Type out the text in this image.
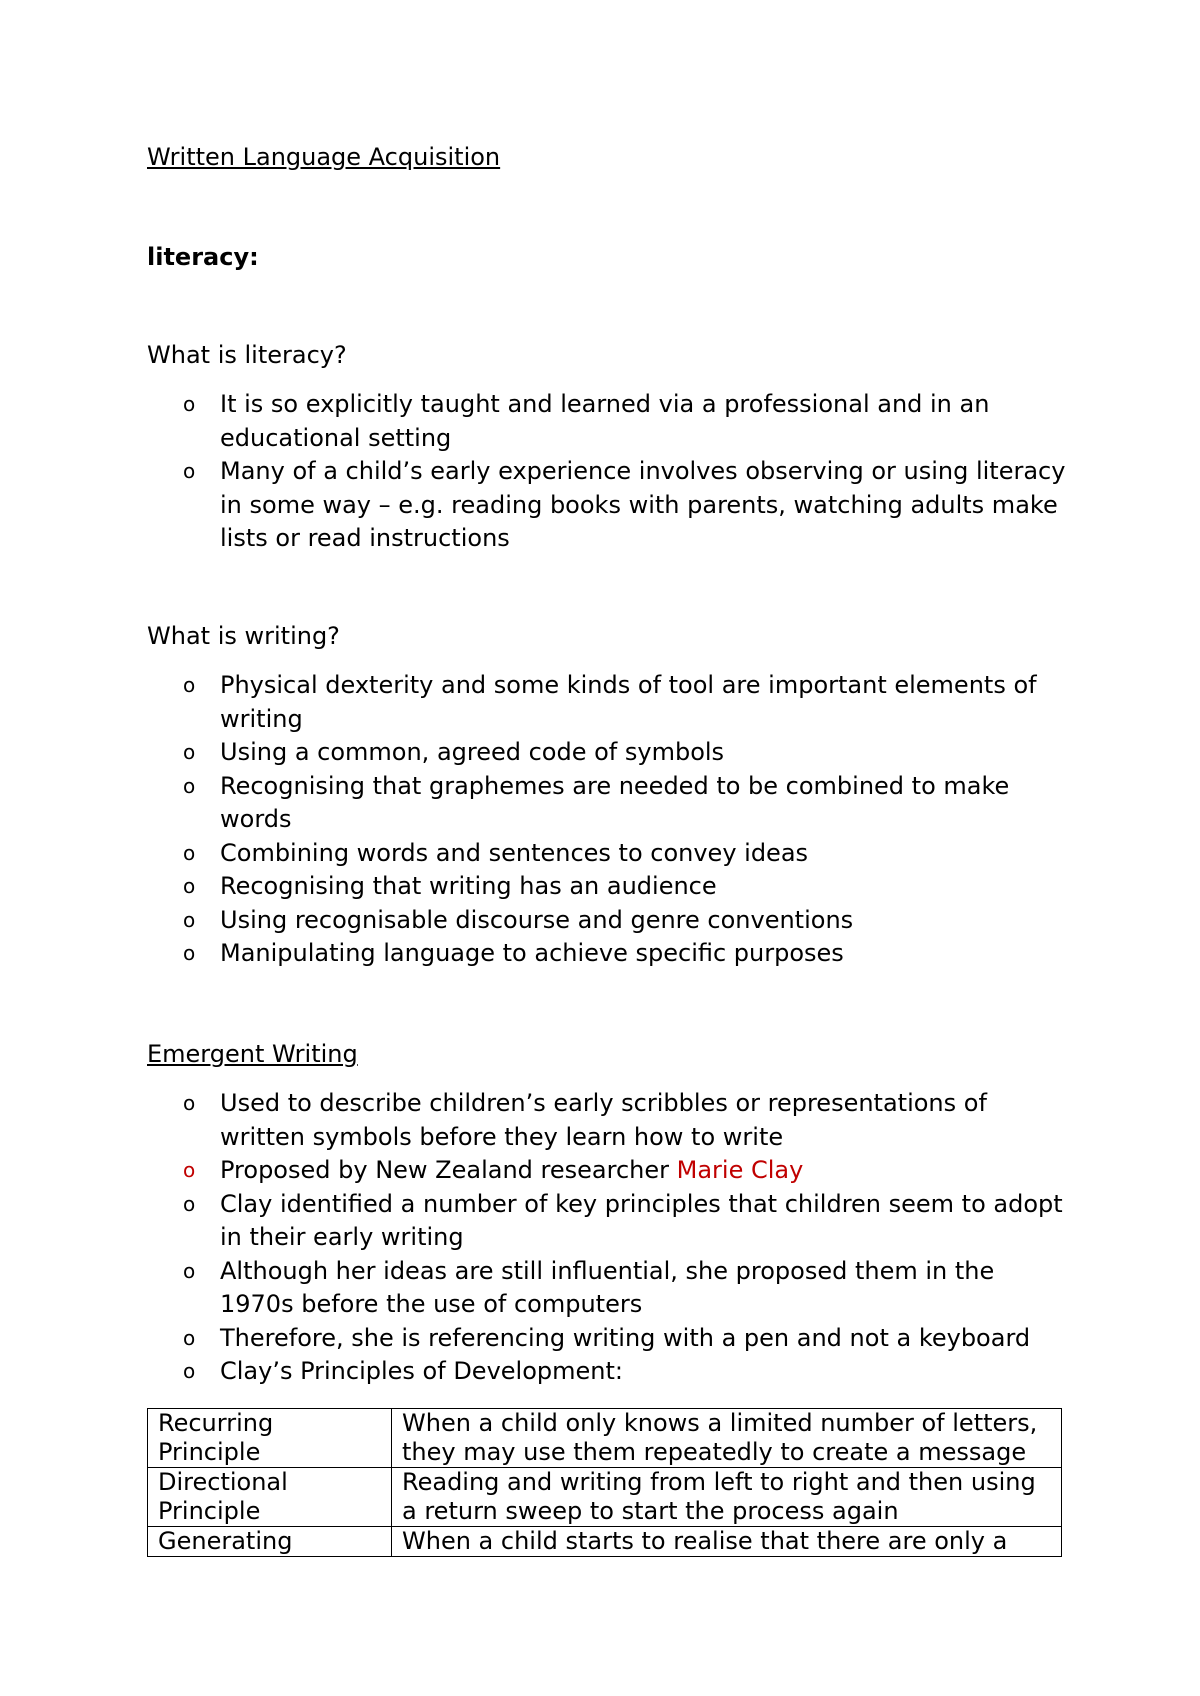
Written Language Acquisition

literacy:

What is literacy?

o It is so explicitly taught and learned via a professional and in an educational setting
o Many of a child’s early experience involves observing or using literacy in some way – e.g. reading books with parents, watching adults make lists or read instructions

What is writing?

o Physical dexterity and some kinds of tool are important elements of writing
o Using a common, agreed code of symbols
o Recognising that graphemes are needed to be combined to make words
o Combining words and sentences to convey ideas
o Recognising that writing has an audience
o Using recognisable discourse and genre conventions
o Manipulating language to achieve specific purposes

Emergent Writing

o Used to describe children’s early scribbles or representations of written symbols before they learn how to write
o Proposed by New Zealand researcher Marie Clay
o Clay identified a number of key principles that children seem to adopt in their early writing
o Although her ideas are still influential, she proposed them in the 1970s before the use of computers
o Therefore, she is referencing writing with a pen and not a keyboard
o Clay’s Principles of Development:
Recurring Principle	When a child only knows a limited number of letters, they may use them repeatedly to create a message
Directional Principle	Reading and writing from left to right and then using a return sweep to start the process again
Generating	When a child starts to realise that there are only a
